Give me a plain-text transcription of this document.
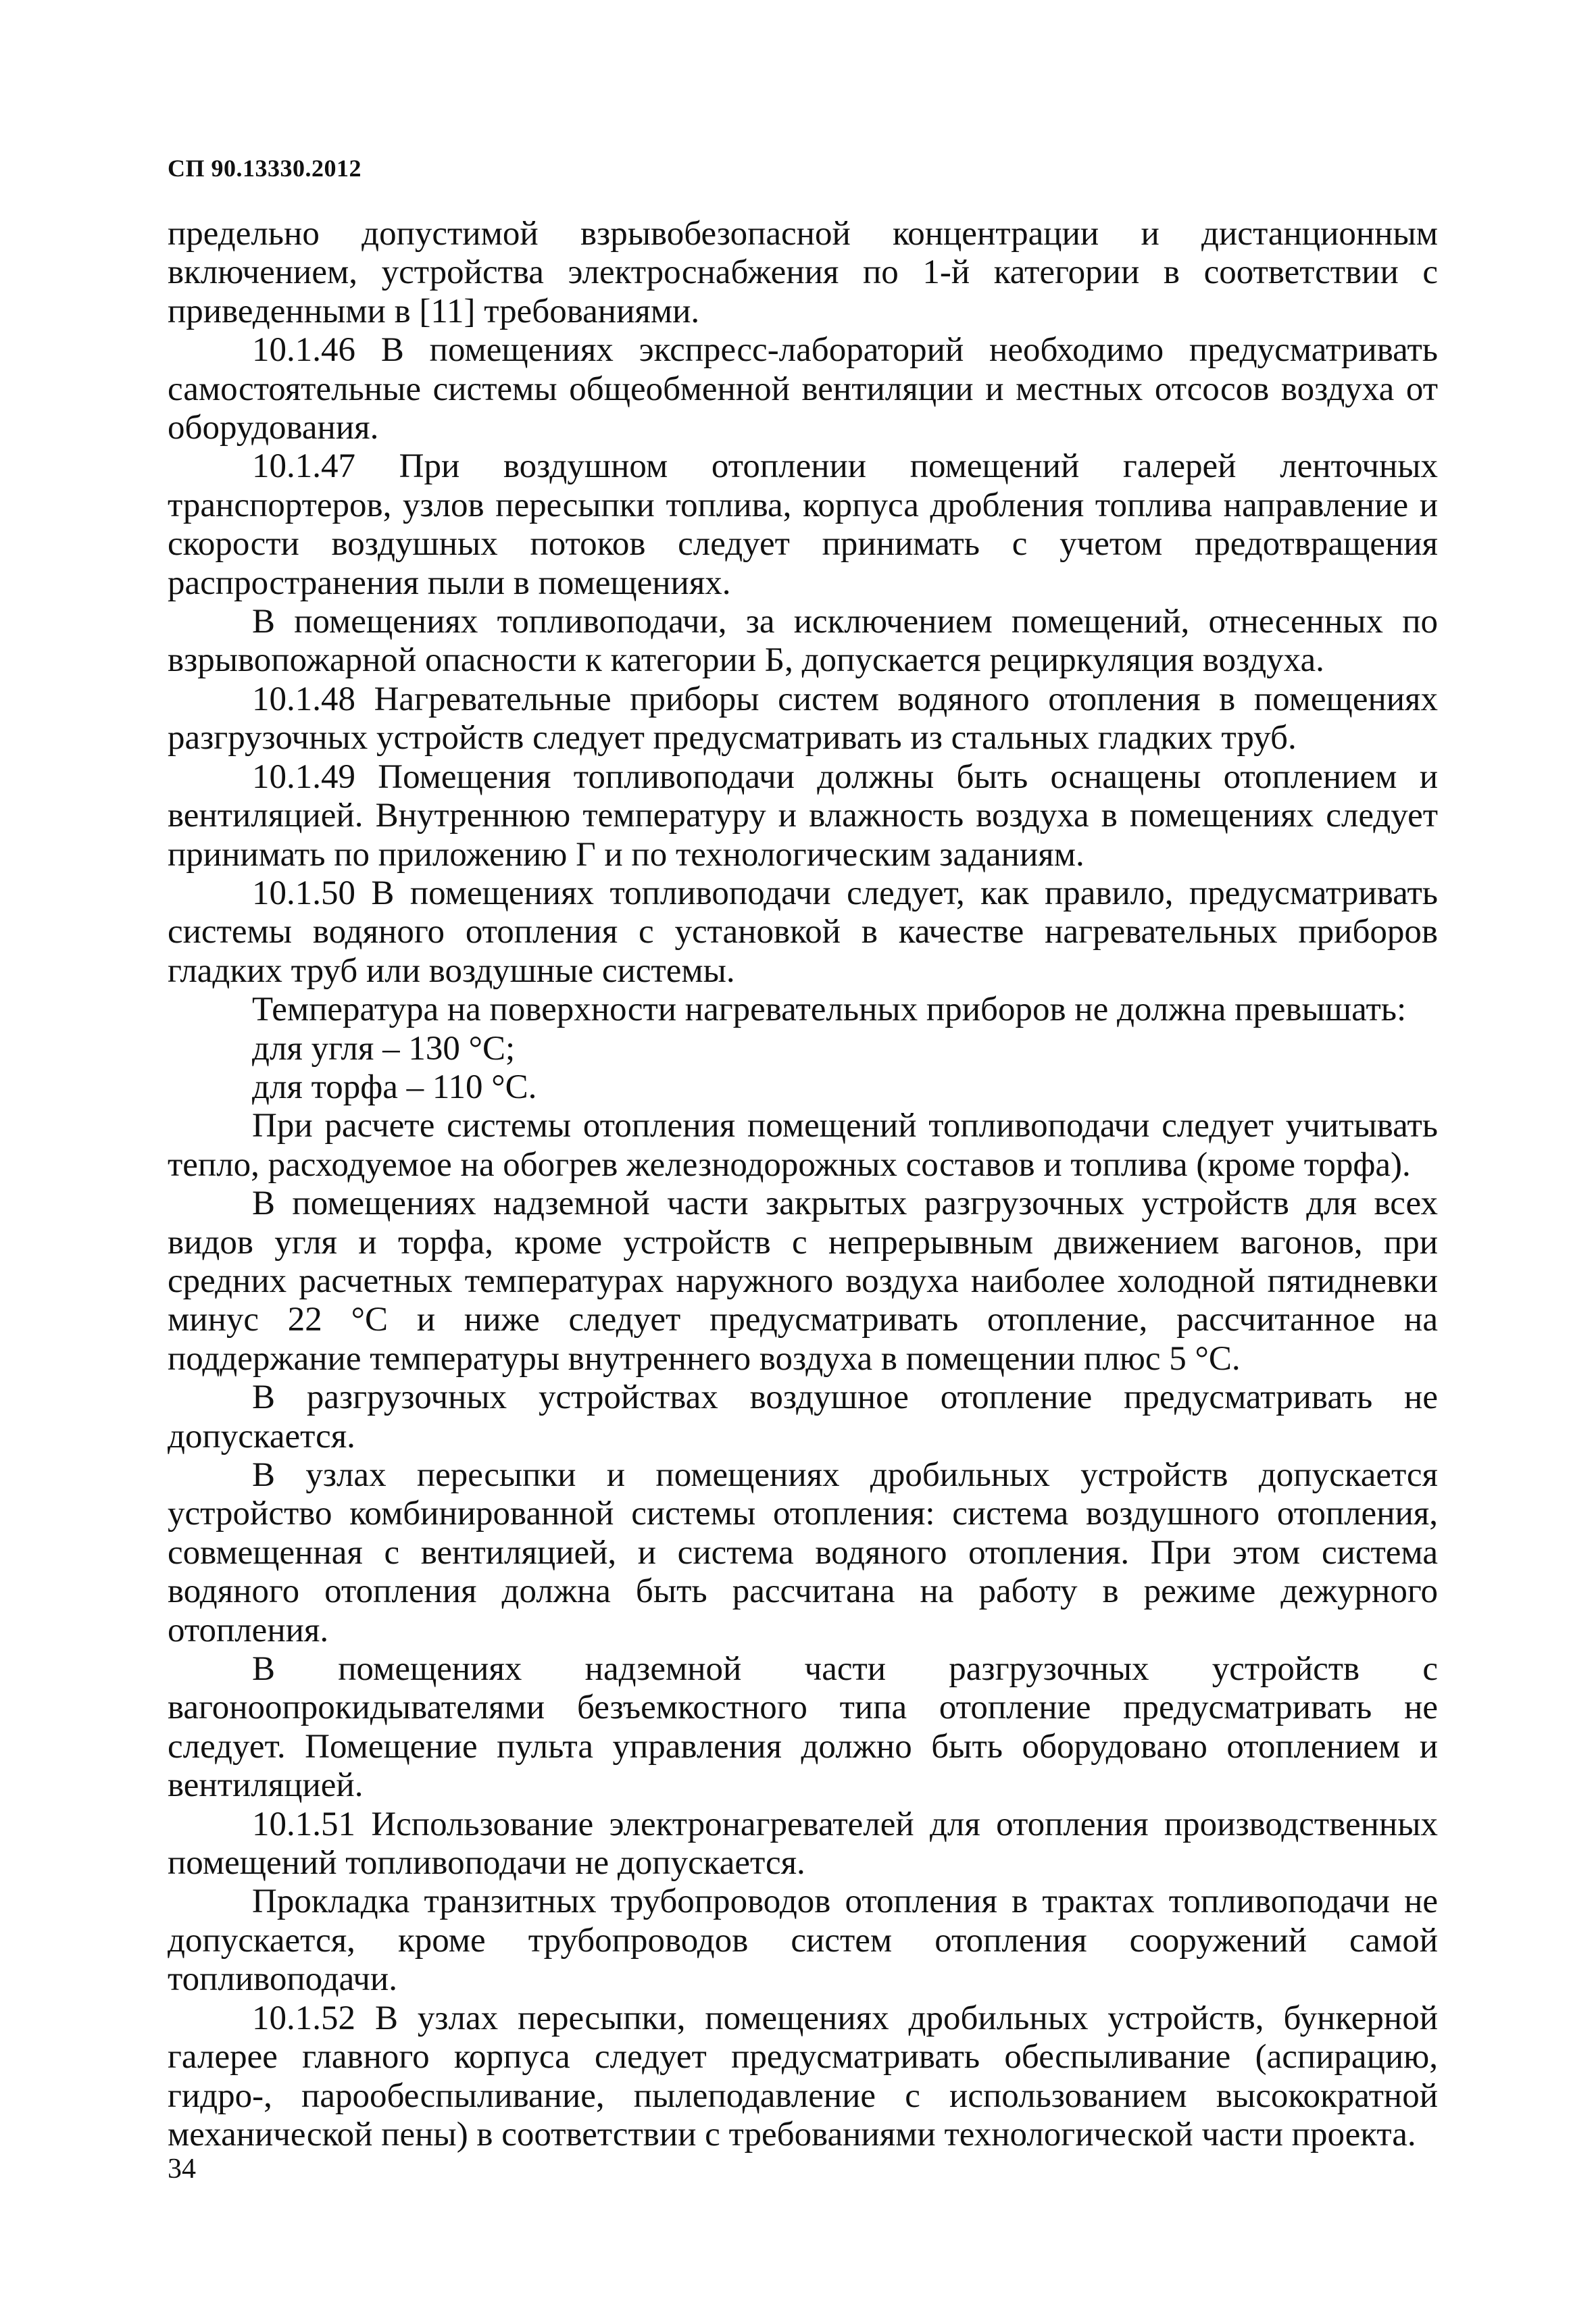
СП 90.13330.2012

предельно допустимой взрывобезопасной концентрации и дистанционным включением, устройства электроснабжения по 1-й категории в соответствии с приведенными в [11] требованиями.

10.1.46 В помещениях экспресс-лабораторий необходимо предусматривать самостоятельные системы общеобменной вентиляции и местных отсосов воздуха от оборудования.

10.1.47 При воздушном отоплении помещений галерей ленточных транспортеров, узлов пересыпки топлива, корпуса дробления топлива направление и скорости воздушных потоков следует принимать с учетом предотвращения распространения пыли в помещениях.

В помещениях топливоподачи, за исключением помещений, отнесенных по взрывопожарной опасности к категории Б, допускается рециркуляция воздуха.

10.1.48 Нагревательные приборы систем водяного отопления в помещениях разгрузочных устройств следует предусматривать из стальных гладких труб.

10.1.49 Помещения топливоподачи должны быть оснащены отоплением и вентиляцией. Внутреннюю температуру и влажность воздуха в помещениях следует принимать по приложению Г и по технологическим заданиям.

10.1.50 В помещениях топливоподачи следует, как правило, предусматривать системы водяного отопления с установкой в качестве нагревательных приборов гладких труб или воздушные системы.

Температура на поверхности нагревательных приборов не должна превышать:

для угля – 130 °С;

для торфа – 110 °С.

При расчете системы отопления помещений топливоподачи следует учитывать тепло, расходуемое на обогрев железнодорожных составов и топлива (кроме торфа).

В помещениях надземной части закрытых разгрузочных устройств для всех видов угля и торфа, кроме устройств с непрерывным движением вагонов, при средних расчетных температурах наружного воздуха наиболее холодной пятидневки минус 22 °С и ниже следует предусматривать отопление, рассчитанное на поддержание температуры внутреннего воздуха в помещении плюс 5 °С.

В разгрузочных устройствах воздушное отопление предусматривать не допускается.

В узлах пересыпки и помещениях дробильных устройств допускается устройство комбинированной системы отопления: система воздушного отопления, совмещенная с вентиляцией, и система водяного отопления. При этом система водяного отопления должна быть рассчитана на работу в режиме дежурного отопления.

В помещениях надземной части разгрузочных устройств с вагоноопрокидывателями безъемкостного типа отопление предусматривать не следует. Помещение пульта управления должно быть оборудовано отоплением и вентиляцией.

10.1.51 Использование электронагревателей для отопления производственных помещений топливоподачи не допускается.

Прокладка транзитных трубопроводов отопления в трактах топливоподачи не допускается, кроме трубопроводов систем отопления сооружений самой топливоподачи.

10.1.52 В узлах пересыпки, помещениях дробильных устройств, бункерной галерее главного корпуса следует предусматривать обеспыливание (аспирацию, гидро-, парообеспыливание, пылеподавление с использованием высокократной механической пены) в соответствии с требованиями технологической части проекта.

34
